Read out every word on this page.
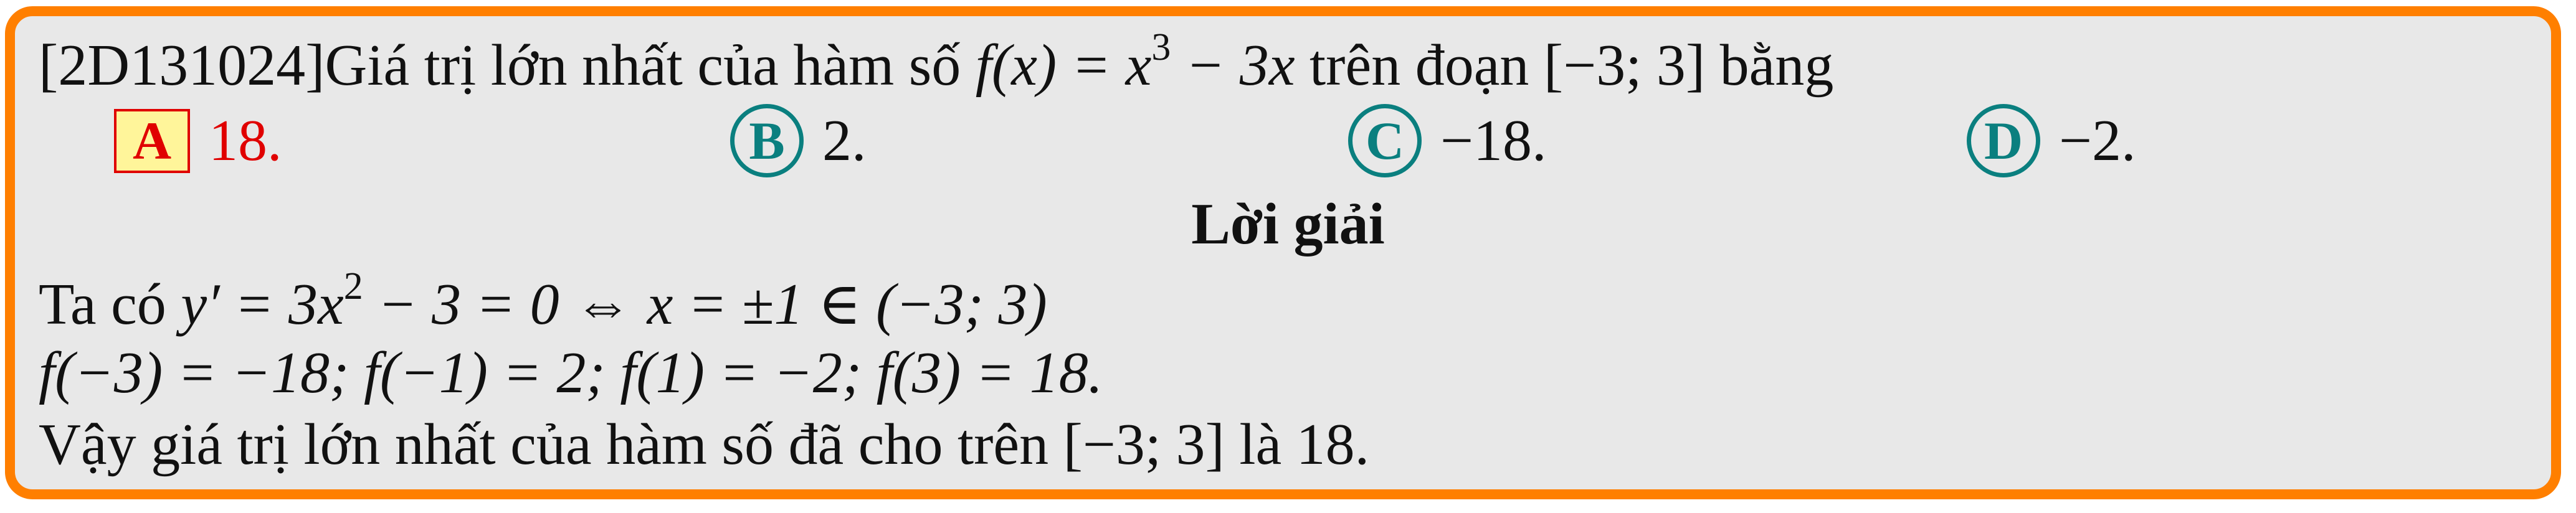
[2D131024]Giá trị lớn nhất của hàm số $f(x) = x^3 - 3x$ trên đoạn [−3; 3] bằng
A 18.	B 2.	C −18.	D −2.
Lời giải
Ta có $y' = 3x^2 - 3 = 0$ ⇔ x = ±1 ∈ (−3; 3)
f(−3) = −18; f(−1) = 2; f(1) = −2; f(3) = 18.
Vậy giá trị lớn nhất của hàm số đã cho trên [−3; 3] là 18.
